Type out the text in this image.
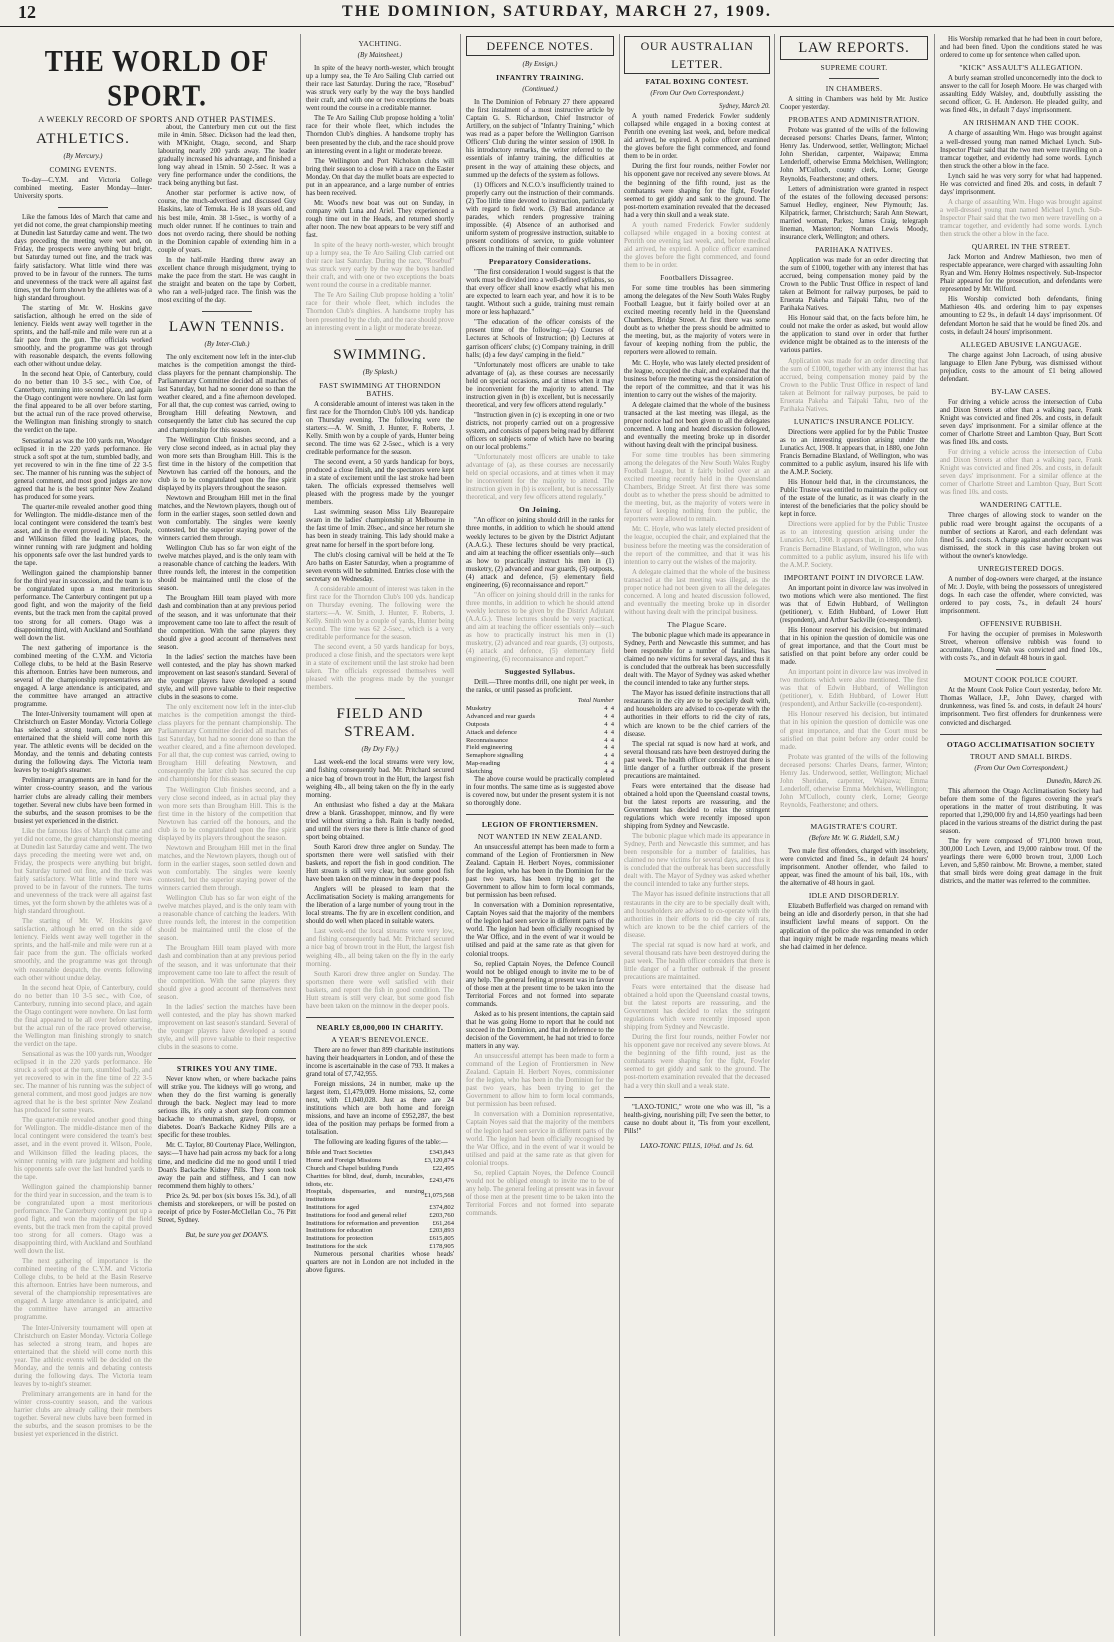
12	THE DOMINION, SATURDAY, MARCH 27, 1909.
THE WORLD OF SPORT.
A WEEKLY RECORD OF SPORTS AND OTHER PASTIMES.
ATHLETICS.
(By Mercury.)
COMING EVENTS.

To-day—C.Y.M. and Victoria College combined meeting. Easter Monday—Inter-University sports.

Like the famous Ides of March that came and yet did not come, the great championship meeting at Dunedin last Saturday came and went. The two days preceding the meeting were wet and, on Friday, the prospects were anything but bright, but Saturday turned out fine, and the track was fairly satisfactory. What little wind there was proved to be in favour of the runners. The turns and unevenness of the track were all against fast times, yet the form shown by the athletes was of a high standard throughout.

The starting of Mr. W. Hoskins gave satisfaction, although he erred on the side of leniency. Fields went away well together in the sprints, and the half-mile and mile were run at a fair pace from the gun. The officials worked smoothly, and the programme was got through with reasonable despatch, the events following each other without undue delay.

In the second heat Opie, of Canterbury, could do no better than 10 3-5 sec., with Coe, of Canterbury, running into second place, and again the Otago contingent were nowhere. On last form the final appeared to be all over before starting, but the actual run of the race proved otherwise, the Wellington man finishing strongly to snatch the verdict on the tape.

Sensational as was the 100 yards run, Woodger eclipsed it in the 220 yards performance. He struck a soft spot at the turn, stumbled badly, and yet recovered to win in the fine time of 22 3-5 sec. The manner of his running was the subject of general comment, and most good judges are now agreed that he is the best sprinter New Zealand has produced for some years.

The quarter-mile revealed another good thing for Wellington. The middle-distance men of the local contingent were considered the team's best asset, and in the event proved it. Wilson, Poole, and Wilkinson filled the leading places, the winner running with rare judgment and holding his opponents safe over the last hundred yards to the tape.

Wellington gained the championship banner for the third year in succession, and the team is to be congratulated upon a most meritorious performance. The Canterbury contingent put up a good fight, and won the majority of the field events, but the track men from the capital proved too strong for all comers. Otago was a disappointing third, with Auckland and Southland well down the list.

The next gathering of importance is the combined meeting of the C.Y.M. and Victoria College clubs, to be held at the Basin Reserve this afternoon. Entries have been numerous, and several of the championship representatives are engaged. A large attendance is anticipated, and the committee have arranged an attractive programme.

The Inter-University tournament will open at Christchurch on Easter Monday. Victoria College has selected a strong team, and hopes are entertained that the shield will come north this year. The athletic events will be decided on the Monday, and the tennis and debating contests during the following days. The Victoria team leaves by to-night's steamer.

Preliminary arrangements are in hand for the winter cross-country season, and the various harrier clubs are already calling their members together. Several new clubs have been formed in the suburbs, and the season promises to be the busiest yet experienced in the district.

Like the famous Ides of March that came and yet did not come, the great championship meeting at Dunedin last Saturday came and went. The two days preceding the meeting were wet and, on Friday, the prospects were anything but bright, but Saturday turned out fine, and the track was fairly satisfactory. What little wind there was proved to be in favour of the runners. The turns and unevenness of the track were all against fast times, yet the form shown by the athletes was of a high standard throughout.

The starting of Mr. W. Hoskins gave satisfaction, although he erred on the side of leniency. Fields went away well together in the sprints, and the half-mile and mile were run at a fair pace from the gun. The officials worked smoothly, and the programme was got through with reasonable despatch, the events following each other without undue delay.

In the second heat Opie, of Canterbury, could do no better than 10 3-5 sec., with Coe, of Canterbury, running into second place, and again the Otago contingent were nowhere. On last form the final appeared to be all over before starting, but the actual run of the race proved otherwise, the Wellington man finishing strongly to snatch the verdict on the tape.

Sensational as was the 100 yards run, Woodger eclipsed it in the 220 yards performance. He struck a soft spot at the turn, stumbled badly, and yet recovered to win in the fine time of 22 3-5 sec. The manner of his running was the subject of general comment, and most good judges are now agreed that he is the best sprinter New Zealand has produced for some years.

The quarter-mile revealed another good thing for Wellington. The middle-distance men of the local contingent were considered the team's best asset, and in the event proved it. Wilson, Poole, and Wilkinson filled the leading places, the winner running with rare judgment and holding his opponents safe over the last hundred yards to the tape.

Wellington gained the championship banner for the third year in succession, and the team is to be congratulated upon a most meritorious performance. The Canterbury contingent put up a good fight, and won the majority of the field events, but the track men from the capital proved too strong for all comers. Otago was a disappointing third, with Auckland and Southland well down the list.

The next gathering of importance is the combined meeting of the C.Y.M. and Victoria College clubs, to be held at the Basin Reserve this afternoon. Entries have been numerous, and several of the championship representatives are engaged. A large attendance is anticipated, and the committee have arranged an attractive programme.

The Inter-University tournament will open at Christchurch on Easter Monday. Victoria College has selected a strong team, and hopes are entertained that the shield will come north this year. The athletic events will be decided on the Monday, and the tennis and debating contests during the following days. The Victoria team leaves by to-night's steamer.

Preliminary arrangements are in hand for the winter cross-country season, and the various harrier clubs are already calling their members together. Several new clubs have been formed in the suburbs, and the season promises to be the busiest yet experienced in the district.

about, the Canterbury men cut out the first mile in 4min. 58sec. Dickson had the lead then, with M'Knight, Otago, second, and Sharp labouring nearly 200 yards away. The leader gradually increased his advantage, and finished a long way ahead in 15min. 50 2-5sec. It was a very fine performance under the conditions, the track being anything but fast.

Another star performer is active now, of course, the much-advertised and discussed Guy Haskins, late of Temuka. He is 18 years old, and his best mile, 4min. 38 1-5sec., is worthy of a much older runner. If he continues to train and does not overdo racing, there should be nothing in the Dominion capable of extending him in a couple of years.

In the half-mile Harding threw away an excellent chance through misjudgment, trying to make the pace from the start. He was caught in the straight and beaten on the tape by Corbett, who ran a well-judged race. The finish was the most exciting of the day.

LAWN TENNIS.
(By Inter-Club.)

The only excitement now left in the inter-club matches is the competition amongst the third-class players for the pennant championship. The Parliamentary Committee decided all matches of last Saturday, but had no sooner done so than the weather cleared, and a fine afternoon developed. For all that, the cup contest was carried, owing to Brougham Hill defeating Newtown, and consequently the latter club has secured the cup and championship for this season.

The Wellington Club finishes second, and a very close second indeed, as in actual play they won more sets than Brougham Hill. This is the first time in the history of the competition that Newtown has carried off the honours, and the club is to be congratulated upon the fine spirit displayed by its players throughout the season.

Newtown and Brougham Hill met in the final matches, and the Newtown players, though out of form in the earlier stages, soon settled down and won comfortably. The singles were keenly contested, but the superior staying power of the winners carried them through.

Wellington Club has so far won eight of the twelve matches played, and is the only team with a reasonable chance of catching the leaders. With three rounds left, the interest in the competition should be maintained until the close of the season.

The Brougham Hill team played with more dash and combination than at any previous period of the season, and it was unfortunate that their improvement came too late to affect the result of the competition. With the same players they should give a good account of themselves next season.

In the ladies' section the matches have been well contested, and the play has shown marked improvement on last season's standard. Several of the younger players have developed a sound style, and will prove valuable to their respective clubs in the seasons to come.

The only excitement now left in the inter-club matches is the competition amongst the third-class players for the pennant championship. The Parliamentary Committee decided all matches of last Saturday, but had no sooner done so than the weather cleared, and a fine afternoon developed. For all that, the cup contest was carried, owing to Brougham Hill defeating Newtown, and consequently the latter club has secured the cup and championship for this season.

The Wellington Club finishes second, and a very close second indeed, as in actual play they won more sets than Brougham Hill. This is the first time in the history of the competition that Newtown has carried off the honours, and the club is to be congratulated upon the fine spirit displayed by its players throughout the season.

Newtown and Brougham Hill met in the final matches, and the Newtown players, though out of form in the earlier stages, soon settled down and won comfortably. The singles were keenly contested, but the superior staying power of the winners carried them through.

Wellington Club has so far won eight of the twelve matches played, and is the only team with a reasonable chance of catching the leaders. With three rounds left, the interest in the competition should be maintained until the close of the season.

The Brougham Hill team played with more dash and combination than at any previous period of the season, and it was unfortunate that their improvement came too late to affect the result of the competition. With the same players they should give a good account of themselves next season.

In the ladies' section the matches have been well contested, and the play has shown marked improvement on last season's standard. Several of the younger players have developed a sound style, and will prove valuable to their respective clubs in the seasons to come.

STRIKES YOU ANY TIME.

Never know when, or where backache pains will strike you. The kidneys will go wrong, and when they do the first warning is generally through the back. Neglect may lead to more serious ills, it's only a short step from common backache to rheumatism, gravel, dropsy, or diabetes. Doan's Backache Kidney Pills are a specific for these troubles.

Mr. C. Taylor, 80 Courtenay Place, Wellington, says:—'I have had pain across my back for a long time, and medicine did me no good until I tried Doan's Backache Kidney Pills. They soon took away the pain and stiffness, and I can now recommend them highly to others.'

Price 2s. 9d. per box (six boxes 15s. 3d.), of all chemists and storekeepers, or will be posted on receipt of price by Foster-McClellan Co., 76 Pitt Street, Sydney.

But, be sure you get DOAN'S.
YACHTING.
(By Mainsheet.)

In spite of the heavy north-wester, which brought up a lumpy sea, the Te Aro Sailing Club carried out their race last Saturday. During the race, "Rosebud" was struck very early by the way the boys handled their craft, and with one or two exceptions the boats went round the course in a creditable manner.

The Te Aro Sailing Club propose holding a 'tolin' race for their whole fleet, which includes the Thorndon Club's dinghies. A handsome trophy has been presented by the club, and the race should prove an interesting event in a light or moderate breeze.

The Wellington and Port Nicholson clubs will bring their season to a close with a race on the Easter Monday. On that day the mullet boats are expected to put in an appearance, and a large number of entries has been received.

Mr. Wood's new boat was out on Sunday, in company with Luna and Ariel. They experienced a rough time out in the Heads, and returned shortly after noon. The new boat appears to be very stiff and fast.

In spite of the heavy north-wester, which brought up a lumpy sea, the Te Aro Sailing Club carried out their race last Saturday. During the race, "Rosebud" was struck very early by the way the boys handled their craft, and with one or two exceptions the boats went round the course in a creditable manner.

The Te Aro Sailing Club propose holding a 'tolin' race for their whole fleet, which includes the Thorndon Club's dinghies. A handsome trophy has been presented by the club, and the race should prove an interesting event in a light or moderate breeze.

SWIMMING.
(By Splash.)
FAST SWIMMING AT THORNDON BATHS.

A considerable amount of interest was taken in the first race for the Thorndon Club's 100 yds. handicap on Thursday evening. The following were the starters:—A. W. Smith, J. Hunter, F. Roberts, J. Kelly. Smith won by a couple of yards, Hunter being second. The time was 62 2-5sec., which is a very creditable performance for the season.

The second event, a 50 yards handicap for boys, produced a close finish, and the spectators were kept in a state of excitement until the last stroke had been taken. The officials expressed themselves well pleased with the progress made by the younger members.

Last swimming season Miss Lily Beaurepaire swam in the ladies' championship at Melbourne in the fast time of 1min. 20sec., and since her return she has been in steady training. This lady should make a great name for herself in the sport before long.

The club's closing carnival will be held at the Te Aro baths on Easter Saturday, when a programme of seven events will be submitted. Entries close with the secretary on Wednesday.

A considerable amount of interest was taken in the first race for the Thorndon Club's 100 yds. handicap on Thursday evening. The following were the starters:—A. W. Smith, J. Hunter, F. Roberts, J. Kelly. Smith won by a couple of yards, Hunter being second. The time was 62 2-5sec., which is a very creditable performance for the season.

The second event, a 50 yards handicap for boys, produced a close finish, and the spectators were kept in a state of excitement until the last stroke had been taken. The officials expressed themselves well pleased with the progress made by the younger members.

FIELD AND STREAM.
(By Dry Fly.)

Last week-end the local streams were very low, and fishing consequently bad. Mr. Pritchard secured a nice bag of brown trout in the Hutt, the largest fish weighing 4lb., all being taken on the fly in the early morning.

An enthusiast who fished a day at the Makara drew a blank. Grasshopper, minnow, and fly were tried without stirring a fish. Rain is badly needed, and until the rivers rise there is little chance of good sport being obtained.

South Karori drew three angler on Sunday. The sportsmen there were well satisfied with their baskets, and report the fish in good condition. The Hutt stream is still very clear, but some good fish have been taken on the minnow in the deeper pools.

Anglers will be pleased to learn that the Acclimatisation Society is making arrangements for the liberation of a large number of young trout in the local streams. The fry are in excellent condition, and should do well when placed in suitable waters.

Last week-end the local streams were very low, and fishing consequently bad. Mr. Pritchard secured a nice bag of brown trout in the Hutt, the largest fish weighing 4lb., all being taken on the fly in the early morning.

South Karori drew three angler on Sunday. The sportsmen there were well satisfied with their baskets, and report the fish in good condition. The Hutt stream is still very clear, but some good fish have been taken on the minnow in the deeper pools.

NEARLY £8,000,000 IN CHARITY.
A YEAR'S BENEVOLENCE.

There are no fewer than 899 charitable institutions having their headquarters in London, and of these the income is ascertainable in the case of 793. It makes a grand total of £7,742,955.

Foreign missions, 24 in number, make up the largest item, £1,479,009. Home missions, 52, come next, with £1,040,028. Just as there are 24 institutions which are both home and foreign missions, and have an income of £952,287, the best idea of the position may perhaps be formed from a totalisation.

The following are leading figures of the table:—

Bible and Tract Societies	£343,843
Home and Foreign Missions	£3,120,874
Church and Chapel building Funds	£22,495
Charities for blind, deaf, dumb, incurables, idiots, etc.	£243,476
Hospitals, dispensaries, and nursing institutions	£1,075,568
Institutions for aged	£374,802
Institutions for food and general relief	£203,760
Institutions for reformation and prevention	£61,264
Institutions for education	£203,893
Institutions for protection	£615,805
Institutions for the sick	£178,905

Numerous personal charities whose heads' quarters are not in London are not included in the above figures.

DEFENCE NOTES.
(By Ensign.)
INFANTRY TRAINING.
(Continued.)

In The Dominion of February 27 there appeared the first instalment of a most instructive article by Captain G. S. Richardson, Chief Instructor of Artillery, on the subject of "Infantry Training," which was read as a paper before the Wellington Garrison Officers' Club during the winter session of 1908. In his introductory remarks, the writer referred to the essentials of infantry training, the difficulties at present in the way of attaining these objects, and summed up the defects of the system as follows.

(1) Officers and N.C.O.'s insufficiently trained to properly carry out the instruction of their commands. (2) Too little time devoted to instruction, particularly with regard to field work. (3) Bad attendance at parades, which renders progressive training impossible. (4) Absence of an authorised and uniform system of progressive instruction, suitable to present conditions of service, to guide volunteer officers in the training of their commands.

Preparatory Considerations.

"The first consideration I would suggest is that the work must be divided into a well-defined syllabus, so that every officer shall know exactly what his men are expected to learn each year, and how it is to be taught. Without such a guide, training must remain more or less haphazard."

"The education of the officer consists of the present time of the following:—(a) Courses of Lectures at Schools of Instruction; (b) Lectures at garrison officers' clubs; (c) Company training, in drill halls; (d) a few days' camping in the field."

"Unfortunately most officers are unable to take advantage of (a), as these courses are necessarily held on special occasions, and at times when it may be inconvenient for the majority to attend. The instruction given in (b) is excellent, but is necessarily theoretical, and very few officers attend regularly."

"Instruction given in (c) is excepting in one or two districts, not properly carried out on a progressive system, and consists of papers being read by different officers on subjects some of which have no bearing on our local problems."

"Unfortunately most officers are unable to take advantage of (a), as these courses are necessarily held on special occasions, and at times when it may be inconvenient for the majority to attend. The instruction given in (b) is excellent, but is necessarily theoretical, and very few officers attend regularly."

On Joining.

"An officer on joining should drill in the ranks for three months, in addition to which he should attend weekly lectures to be given by the District Adjutant (A.A.G.). These lectures should be very practical, and aim at teaching the officer essentials only—such as how to practically instruct his men in (1) musketry, (2) advanced and rear guards, (3) outposts, (4) attack and defence, (5) elementary field engineering, (6) reconnaissance and report."

"An officer on joining should drill in the ranks for three months, in addition to which he should attend weekly lectures to be given by the District Adjutant (A.A.G.). These lectures should be very practical, and aim at teaching the officer essentials only—such as how to practically instruct his men in (1) musketry, (2) advanced and rear guards, (3) outposts, (4) attack and defence, (5) elementary field engineering, (6) reconnaissance and report."

Suggested Syllabus.

Drill.—Three months drill, one night per week, in the ranks, or until passed as proficient.

Total Number
Musketry	4	4
Advanced and rear guards	4	4
Outposts	4	4
Attack and defence	4	4
Reconnaissance	4	4
Field engineering	4	4
Semaphore signalling	4	4
Map-reading	4	4
Sketching	4	4

The above course would be practically completed in four months. The same time as is suggested above is covered now, but under the present system it is not so thoroughly done.

LEGION OF FRONTIERSMEN.
NOT WANTED IN NEW ZEALAND.

An unsuccessful attempt has been made to form a command of the Legion of Frontiersmen in New Zealand. Captain H. Herbert Noyes, commissioner for the legion, who has been in the Dominion for the past two years, has been trying to get the Government to allow him to form local commands, but permission has been refused.

In conversation with a Dominion representative, Captain Noyes said that the majority of the members of the legion had seen service in different parts of the world. The legion had been officially recognised by the War Office, and in the event of war it would be utilised and paid at the same rate as that given for colonial troops.

So, replied Captain Noyes, the Defence Council would not be obliged enough to invite me to be of any help. The general feeling at present was in favour of those men at the present time to be taken into the Territorial Forces and not formed into separate commands.

Asked as to his present intentions, the captain said that he was going Home to report that he could not succeed in the Dominion, and that in deference to the decision of the Government, he had not tried to force matters in any way.

An unsuccessful attempt has been made to form a command of the Legion of Frontiersmen in New Zealand. Captain H. Herbert Noyes, commissioner for the legion, who has been in the Dominion for the past two years, has been trying to get the Government to allow him to form local commands, but permission has been refused.

In conversation with a Dominion representative, Captain Noyes said that the majority of the members of the legion had seen service in different parts of the world. The legion had been officially recognised by the War Office, and in the event of war it would be utilised and paid at the same rate as that given for colonial troops.

So, replied Captain Noyes, the Defence Council would not be obliged enough to invite me to be of any help. The general feeling at present was in favour of those men at the present time to be taken into the Territorial Forces and not formed into separate commands.

OUR AUSTRALIAN LETTER.
FATAL BOXING CONTEST.
(From Our Own Correspondent.)
Sydney, March 20.

A youth named Frederick Fowler suddenly collapsed while engaged in a boxing contest at Penrith one evening last week, and, before medical aid arrived, he expired. A police officer examined the gloves before the fight commenced, and found them to be in order.

During the first four rounds, neither Fowler nor his opponent gave nor received any severe blows. At the beginning of the fifth round, just as the combatants were shaping for the fight, Fowler seemed to get giddy and sank to the ground. The post-mortem examination revealed that the deceased had a very thin skull and a weak state.

A youth named Frederick Fowler suddenly collapsed while engaged in a boxing contest at Penrith one evening last week, and, before medical aid arrived, he expired. A police officer examined the gloves before the fight commenced, and found them to be in order.

Footballers Dissagree.

For some time troubles has been simmering among the delegates of the New South Wales Rugby Football League, but it fairly boiled over at an excited meeting recently held in the Queensland Chambers, Bridge Street. At first there was some doubt as to whether the press should be admitted to the meeting, but, as the majority of voters were in favour of keeping nothing from the public, the reporters were allowed to remain.

Mr. C. Hoyle, who was lately elected president of the league, occupied the chair, and explained that the business before the meeting was the consideration of the report of the committee, and that it was his intention to carry out the wishes of the majority.

A delegate claimed that the whole of the business transacted at the last meeting was illegal, as the proper notice had not been given to all the delegates concerned. A long and heated discussion followed, and eventually the meeting broke up in disorder without having dealt with the principal business.

For some time troubles has been simmering among the delegates of the New South Wales Rugby Football League, but it fairly boiled over at an excited meeting recently held in the Queensland Chambers, Bridge Street. At first there was some doubt as to whether the press should be admitted to the meeting, but, as the majority of voters were in favour of keeping nothing from the public, the reporters were allowed to remain.

Mr. C. Hoyle, who was lately elected president of the league, occupied the chair, and explained that the business before the meeting was the consideration of the report of the committee, and that it was his intention to carry out the wishes of the majority.

A delegate claimed that the whole of the business transacted at the last meeting was illegal, as the proper notice had not been given to all the delegates concerned. A long and heated discussion followed, and eventually the meeting broke up in disorder without having dealt with the principal business.

The Plague Scare.

The bubonic plague which made its appearance in Sydney, Perth and Newcastle this summer, and has been responsible for a number of fatalities, has claimed no new victims for several days, and thus it is concluded that the outbreak has been successfully dealt with. The Mayor of Sydney was asked whether the council intended to take any further steps.

The Mayor has issued definite instructions that all restaurants in the city are to be specially dealt with, and householders are advised to co-operate with the authorities in their efforts to rid the city of rats, which are known to be the chief carriers of the disease.

The special rat squad is now hard at work, and several thousand rats have been destroyed during the past week. The health officer considers that there is little danger of a further outbreak if the present precautions are maintained.

Fears were entertained that the disease had obtained a hold upon the Queensland coastal towns, but the latest reports are reassuring, and the Government has decided to relax the stringent regulations which were recently imposed upon shipping from Sydney and Newcastle.

The bubonic plague which made its appearance in Sydney, Perth and Newcastle this summer, and has been responsible for a number of fatalities, has claimed no new victims for several days, and thus it is concluded that the outbreak has been successfully dealt with. The Mayor of Sydney was asked whether the council intended to take any further steps.

The Mayor has issued definite instructions that all restaurants in the city are to be specially dealt with, and householders are advised to co-operate with the authorities in their efforts to rid the city of rats, which are known to be the chief carriers of the disease.

The special rat squad is now hard at work, and several thousand rats have been destroyed during the past week. The health officer considers that there is little danger of a further outbreak if the present precautions are maintained.

Fears were entertained that the disease had obtained a hold upon the Queensland coastal towns, but the latest reports are reassuring, and the Government has decided to relax the stringent regulations which were recently imposed upon shipping from Sydney and Newcastle.

During the first four rounds, neither Fowler nor his opponent gave nor received any severe blows. At the beginning of the fifth round, just as the combatants were shaping for the fight, Fowler seemed to get giddy and sank to the ground. The post-mortem examination revealed that the deceased had a very thin skull and a weak state.

"LAXO-TONIC," wrote one who was ill, "is a health-giving, nourishing pill; I've seen the better, to cause no doubt about it, 'Tis from your excellent, Pills!"

LAXO-TONIC PILLS, 10½d. and 1s. 6d.
LAW REPORTS.
SUPREME COURT.
IN CHAMBERS.

A sitting in Chambers was held by Mr. Justice Cooper yesterday.

PROBATES AND ADMINISTRATION.

Probate was granted of the wills of the following deceased persons: Charles Deans, farmer, Winton; Henry Jas. Underwood, settler, Wellington; Michael John Sheridan, carpenter, Waipawa; Emma Lenderloff, otherwise Emma Melchisen, Wellington; John M'Culloch, county clerk, Lorne; George Reynolds, Featherstone; and others.

Letters of administration were granted in respect of the estates of the following deceased persons: Samuel Hedley, engineer, New Plymouth; Jas. Kilpatrick, farmer, Christchurch; Sarah Ann Stewart, married woman, Parkes; James Craig, telegraph lineman, Masterton; Norman Lewis Moody, insurance clerk, Wellington; and others.

PARIHAKA NATIVES.

Application was made for an order directing that the sum of £1000, together with any interest that has accrued, being compensation money paid by the Crown to the Public Trust Office in respect of land taken at Belmont for railway purposes, be paid to Eruerata Pakeha and Taipaki Tahu, two of the Parihaka Natives.

His Honour said that, on the facts before him, he could not make the order as asked, but would allow the application to stand over in order that further evidence might be obtained as to the interests of the various parties.

Application was made for an order directing that the sum of £1000, together with any interest that has accrued, being compensation money paid by the Crown to the Public Trust Office in respect of land taken at Belmont for railway purposes, be paid to Eruerata Pakeha and Taipaki Tahu, two of the Parihaka Natives.

LUNATIC'S INSURANCE POLICY.

Directions were applied for by the Public Trustee as to an interesting question arising under the Lunatics Act, 1908. It appears that, in 1880, one John Francis Bernadine Blaxland, of Wellington, who was committed to a public asylum, insured his life with the A.M.P. Society.

His Honour held that, in the circumstances, the Public Trustee was entitled to maintain the policy out of the estate of the lunatic, as it was clearly in the interest of the beneficiaries that the policy should be kept in force.

Directions were applied for by the Public Trustee as to an interesting question arising under the Lunatics Act, 1908. It appears that, in 1880, one John Francis Bernadine Blaxland, of Wellington, who was committed to a public asylum, insured his life with the A.M.P. Society.

IMPORTANT POINT IN DIVORCE LAW.

An important point in divorce law was involved in two motions which were also mentioned. The first was that of Edwin Hubbard, of Wellington (petitioner), v. Edith Hubbard, of Lower Hutt (respondent), and Arthur Sackville (co-respondent).

His Honour reserved his decision, but intimated that in his opinion the question of domicile was one of great importance, and that the Court must be satisfied on that point before any order could be made.

An important point in divorce law was involved in two motions which were also mentioned. The first was that of Edwin Hubbard, of Wellington (petitioner), v. Edith Hubbard, of Lower Hutt (respondent), and Arthur Sackville (co-respondent).

His Honour reserved his decision, but intimated that in his opinion the question of domicile was one of great importance, and that the Court must be satisfied on that point before any order could be made.

Probate was granted of the wills of the following deceased persons: Charles Deans, farmer, Winton; Henry Jas. Underwood, settler, Wellington; Michael John Sheridan, carpenter, Waipawa; Emma Lenderloff, otherwise Emma Melchisen, Wellington; John M'Culloch, county clerk, Lorne; George Reynolds, Featherstone; and others.

MAGISTRATE'S COURT.
(Before Mr. W. G. Riddell, S.M.)

Two male first offenders, charged with insobriety, were convicted and fined 5s., in default 24 hours' imprisonment. Another offender, who failed to appear, was fined the amount of his bail, 10s., with the alternative of 48 hours in gaol.

IDLE AND DISORDERLY.

Elizabeth Bufferfield was charged on remand with being an idle and disorderly person, in that she had insufficient lawful means of support. On the application of the police she was remanded in order that inquiry might be made regarding means which she had claimed in her defence.

His Worship remarked that he had been in court before, and had been fined. Upon the conditions stated he was ordered to come up for sentence when called upon.

"KICK" ASSAULT'S ALLEGATION.

A burly seaman strolled unconcernedly into the dock to answer to the call for Joseph Moore. He was charged with assaulting Eddy Walsley, and, doubtfully assisting the second officer, G. H. Anderson. He pleaded guilty, and was fined 40s., in default 7 days' imprisonment.

AN IRISHMAN AND THE COOK.

A charge of assaulting Wm. Hugo was brought against a well-dressed young man named Michael Lynch. Sub-Inspector Phair said that the two men were travelling on a tramcar together, and evidently had some words. Lynch then struck the other a blow in the face.

Lynch said he was very sorry for what had happened. He was convicted and fined 20s. and costs, in default 7 days' imprisonment.

A charge of assaulting Wm. Hugo was brought against a well-dressed young man named Michael Lynch. Sub-Inspector Phair said that the two men were travelling on a tramcar together, and evidently had some words. Lynch then struck the other a blow in the face.

QUARREL IN THE STREET.

Jack Morton and Andrew Mathieson, two men of respectable appearance, were charged with assaulting John Ryan and Wm. Henry Holmes respectively. Sub-Inspector Phair appeared for the prosecution, and defendants were represented by Mr. Wilford.

His Worship convicted both defendants, fining Mathieson 40s. and ordering him to pay expenses amounting to £2 9s., in default 14 days' imprisonment. Of defendant Morton he said that he would be fined 20s. and costs, in default 24 hours' imprisonment.

ALLEGED ABUSIVE LANGUAGE.

The charge against John Lacroach, of using abusive language to Ellen Jane Pyburg, was dismissed without prejudice, costs to the amount of £1 being allowed defendant.

BY-LAW CASES.

For driving a vehicle across the intersection of Cuba and Dixon Streets at other than a walking pace, Frank Knight was convicted and fined 20s. and costs, in default seven days' imprisonment. For a similar offence at the corner of Charlotte Street and Lambton Quay, Burt Scott was fined 10s. and costs.

For driving a vehicle across the intersection of Cuba and Dixon Streets at other than a walking pace, Frank Knight was convicted and fined 20s. and costs, in default seven days' imprisonment. For a similar offence at the corner of Charlotte Street and Lambton Quay, Burt Scott was fined 10s. and costs.

WANDERING CATTLE.

Three charges of allowing stock to wander on the public road were brought against the occupants of a number of sections at Karori, and each defendant was fined 5s. and costs. A charge against another occupant was dismissed, the stock in this case having broken out without the owner's knowledge.

UNREGISTERED DOGS.

A number of dog-owners were charged, at the instance of Mr. J. Doyle, with being the possessors of unregistered dogs. In each case the offender, where convicted, was ordered to pay costs, 7s., in default 24 hours' imprisonment.

OFFENSIVE RUBBISH.

For having the occupier of premises in Molesworth Street, whereon offensive rubbish was found to accumulate, Chong Wah was convicted and fined 10s., with costs 7s., and in default 48 hours in gaol.

MOUNT COOK POLICE COURT.

At the Mount Cook Police Court yesterday, before Mr. Thomas Wallace, J.P., John Davey, charged with drunkenness, was fined 5s. and costs, in default 24 hours' imprisonment. Two first offenders for drunkenness were convicted and discharged.

OTAGO ACCLIMATISATION SOCIETY
TROUT AND SMALL BIRDS.
(From Our Own Correspondent.)
Dunedin, March 26.

This afternoon the Otago Acclimatisation Society had before them some of the figures covering the year's operations in the matter of trout distributing. It was reported that 1,290,000 fry and 14,850 yearlings had been placed in the various streams of the district during the past season.

The fry were composed of 971,000 brown trout, 300,000 Loch Leven, and 19,000 rainbow trout. Of the yearlings there were 6,000 brown trout, 3,000 Loch Leven, and 5,850 rainbow. Mr. Browne, a member, stated that small birds were doing great damage in the fruit districts, and the matter was referred to the committee.
